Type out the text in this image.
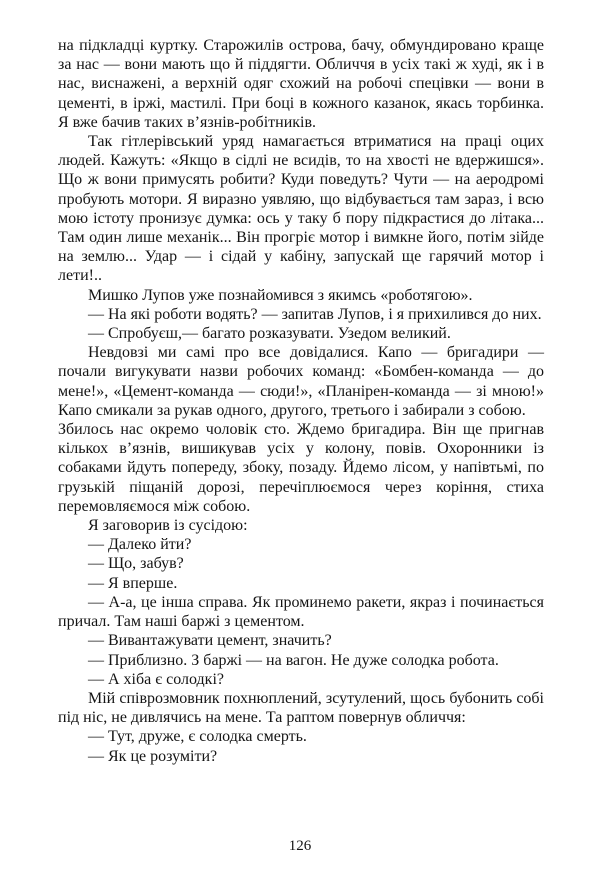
на підкладці куртку. Старожилів острова, бачу, обмундировано краще за нас — вони мають що й піддягти. Обличчя в усіх такі ж худі, як і в нас, виснажені, а верхній одяг схожий на робочі спецівки — вони в цементі, в іржі, мастилі. При боці в кожного казанок, якась торбинка. Я вже бачив таких в’язнів-робітників.

Так гітлерівський уряд намагається втриматися на праці оцих людей. Кажуть: «Якщо в сідлі не всидів, то на хвості не вдержишся». Що ж вони примусять робити? Куди поведуть? Чути — на аеродромі пробують мотори. Я виразно уявляю, що відбувається там зараз, і всю мою істоту пронизує думка: ось у таку б пору підкрастися до літака... Там один лише механік... Він прогріє мотор і вимкне його, потім зійде на землю... Удар — і сідай у кабіну, запускай ще гарячий мотор і лети!..

Мишко Лупов уже познайомився з якимсь «роботягою».

— На які роботи водять? — запитав Лупов, і я прихилився до них.

— Спробуєш,— багато розказувати. Узедом великий.

Невдовзі ми самі про все довідалися. Капо — бригадири — почали вигукувати назви робочих команд: «Бомбен-команда — до мене!», «Цемент-команда — сюди!», «Планірен-команда — зі мною!» Капо смикали за рукав одного, другого, третього і забирали з собою.

Збилось нас окремо чоловік сто. Ждемо бригадира. Він ще пригнав кількох в’язнів, вишикував усіх у колону, повів. Охоронники із собаками йдуть попереду, збоку, позаду. Йдемо лісом, у напівтьмі, по грузькій піщаній дорозі, перечіплюємося через коріння, стиха перемовляємося між собою.

Я заговорив із сусідою:

— Далеко йти?

— Що, забув?

— Я вперше.

— А-а, це інша справа. Як проминемо ракети, якраз і починається причал. Там наші баржі з цементом.

— Вивантажувати цемент, значить?

— Приблизно. З баржі — на вагон. Не дуже солодка робота.

— А хіба є солодкі?

Мій співрозмовник похнюплений, зсутулений, щось бубонить собі під ніс, не дивлячись на мене. Та раптом повернув обличчя:

— Тут, друже, є солодка смерть.

— Як це розуміти?

126
